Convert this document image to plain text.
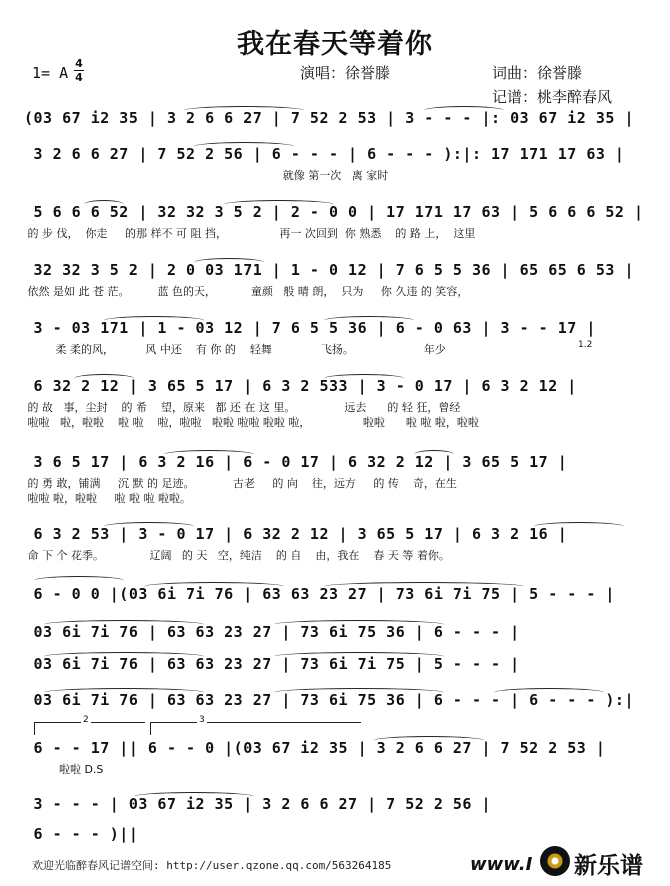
我在春天等着你
1= A
4
4	演唱：徐誉滕	词曲：徐誉滕
记谱：桃李醉春风
(03 67 i2 35 | 3 2 6 6 27 | 7 52 2 53 | 3 - - - |: 03 67 i2 35 |
3 2 6 6 27 | 7 52 2 56 | 6 - - - | 6 - - - ):|: 17 171 17 63 |
就像 第一次   离 家时
5 6 6 6 52 | 32 32 3 5 2 | 2 - 0 0 | 17 171 17 63 | 5 6 6 6 52 |
的 步 伐，  你走     的那 样不 可 阻 挡，               再一 次回到  你 熟悉    的 路 上，  这里
32 32 3 5 2 | 2 0 03 171 | 1 - 0 12 | 7 6 5 5 36 | 65 65 6 53 |
依然 是如 此 苍 茫。        蓝 色的天，          童颜   般 晴 朗，  只为     你 久违 的 笑容，
3 - 03 171 | 1 - 03 12 | 7 6 5 5 36 | 6 - 0 63 | 3 - - 17 |
柔 柔的风，         风 中还    有 你 的    轻舞              飞扬。                    年少	1.2
6 32 2 12 | 3 65 5 17 | 6 3 2 533 | 3 - 0 17 | 6 3 2 12 |
的 故   事，尘封    的 希    望，原来   都 还 在 这 里。              远去      的 轻 狂，曾经
啦啦   啦，啦啦    啦 啦    啦，啦啦   啦啦 啦啦 啦啦 啦，               啦啦      啦 啦 啦，啦啦
3 6 5 17 | 6 3 2 16 | 6 - 0 17 | 6 32 2 12 | 3 65 5 17 |
的 勇 敢，铺满     沉 默 的 足迹。           古老     的 向    往，远方     的 传    奇，在生
啦啦 啦，啦啦     啦 啦 啦 啦啦。
6 3 2 53 | 3 - 0 17 | 6 32 2 12 | 3 65 5 17 | 6 3 2 16 |
命 下 个 花季。             辽阔   的 天   空，纯洁    的 自    由，我在    春 天 等 着你。
6 - 0 0 |(03 6i 7i 76 | 63 63 23 27 | 73 6i 7i 75 | 5 - - - |
03 6i 7i 76 | 63 63 23 27 | 73 6i 75 36 | 6 - - - |
03 6i 7i 76 | 63 63 23 27 | 73 6i 7i 75 | 5 - - - |
03 6i 7i 76 | 63 63 23 27 | 73 6i 75 36 | 6 - - - | 6 - - - ):|
2	3
6 - - 17 || 6 - - 0 |(03 67 i2 35 | 3 2 6 6 27 | 7 52 2 53 |
啦啦 D.S
3 - - - | 03 67 i2 35 | 3 2 6 6 27 | 7 52 2 56 |
6 - - - )||
欢迎光临醉春风记谱空间: http://user.qzone.qq.com/563264185	www.I 新乐谱
